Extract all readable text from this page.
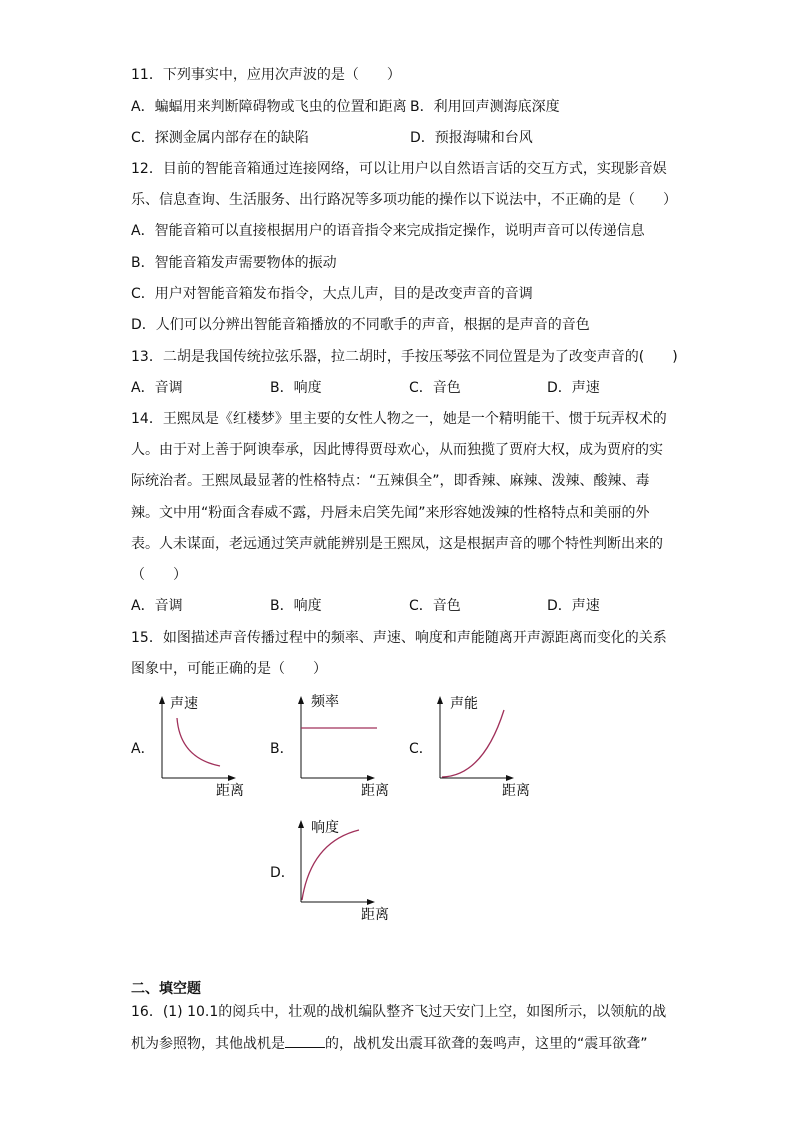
11．下列事实中，应用次声波的是（　　）
A．蝙蝠用来判断障碍物或飞虫的位置和距离 B．利用回声测海底深度
C．探测金属内部存在的缺陷	D．预报海啸和台风
12．目前的智能音箱通过连接网络，可以让用户以自然语言话的交互方式，实现影音娱
乐、信息查询、生活服务、出行路况等多项功能的操作以下说法中，不正确的是（　　）
A．智能音箱可以直接根据用户的语音指令来完成指定操作，说明声音可以传递信息
B．智能音箱发声需要物体的振动
C．用户对智能音箱发布指令，大点儿声，目的是改变声音的音调
D．人们可以分辨出智能音箱播放的不同歌手的声音，根据的是声音的音色
13．二胡是我国传统拉弦乐器，拉二胡时，手按压琴弦不同位置是为了改变声音的(　　)
A．音调	B．响度	C．音色	D．声速
14．王熙凤是《红楼梦》里主要的女性人物之一，她是一个精明能干、惯于玩弄权术的
人。由于对上善于阿谀奉承，因此博得贾母欢心，从而独揽了贾府大权，成为贾府的实
际统治者。王熙凤最显著的性格特点：“五辣俱全”，即香辣、麻辣、泼辣、酸辣、毒
辣。文中用“粉面含春威不露，丹唇未启笑先闻”来形容她泼辣的性格特点和美丽的外
表。人未谋面，老远通过笑声就能辨别是王熙凤，这是根据声音的哪个特性判断出来的
（　　）
A．音调	B．响度	C．音色	D．声速
15．如图描述声音传播过程中的频率、声速、响度和声能随离开声源距离而变化的关系
图象中，可能正确的是（　　）
A．
声速
距离
B．
频率
距离
C．
声能
距离
D．
响度
距离
二、填空题
16．(1) 10.1的阅兵中，壮观的战机编队整齐飞过天安门上空，如图所示，以领航的战
机为参照物，其他战机是	的，战机发出震耳欲聋的轰鸣声，这里的“震耳欲聋”
